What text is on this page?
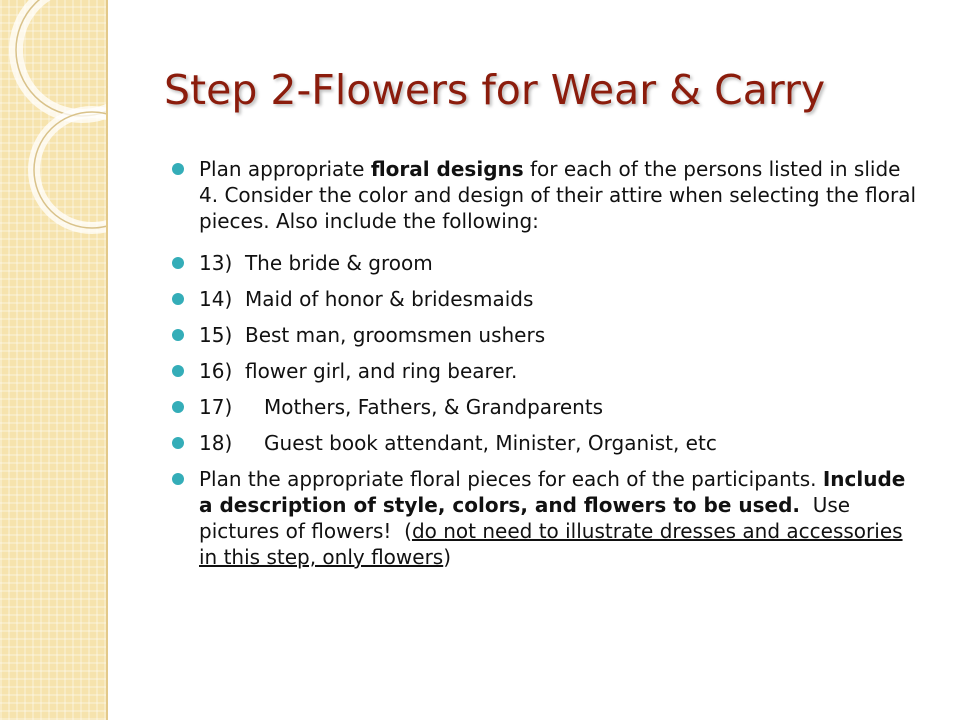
Step 2-Flowers for Wear & Carry
Plan appropriate floral designs for each of the persons listed in slide 4. Consider the color and design of their attire when selecting the floral pieces. Also include the following:
13)  The bride & groom
14)  Maid of honor & bridesmaids
15)  Best man, groomsmen ushers
16)  flower girl, and ring bearer.
17)     Mothers, Fathers, & Grandparents
18)     Guest book attendant, Minister, Organist, etc
Plan the appropriate floral pieces for each of the participants. Include a description of style, colors, and flowers to be used.  Use pictures of flowers!  (do not need to illustrate dresses and accessories in this step, only flowers)
